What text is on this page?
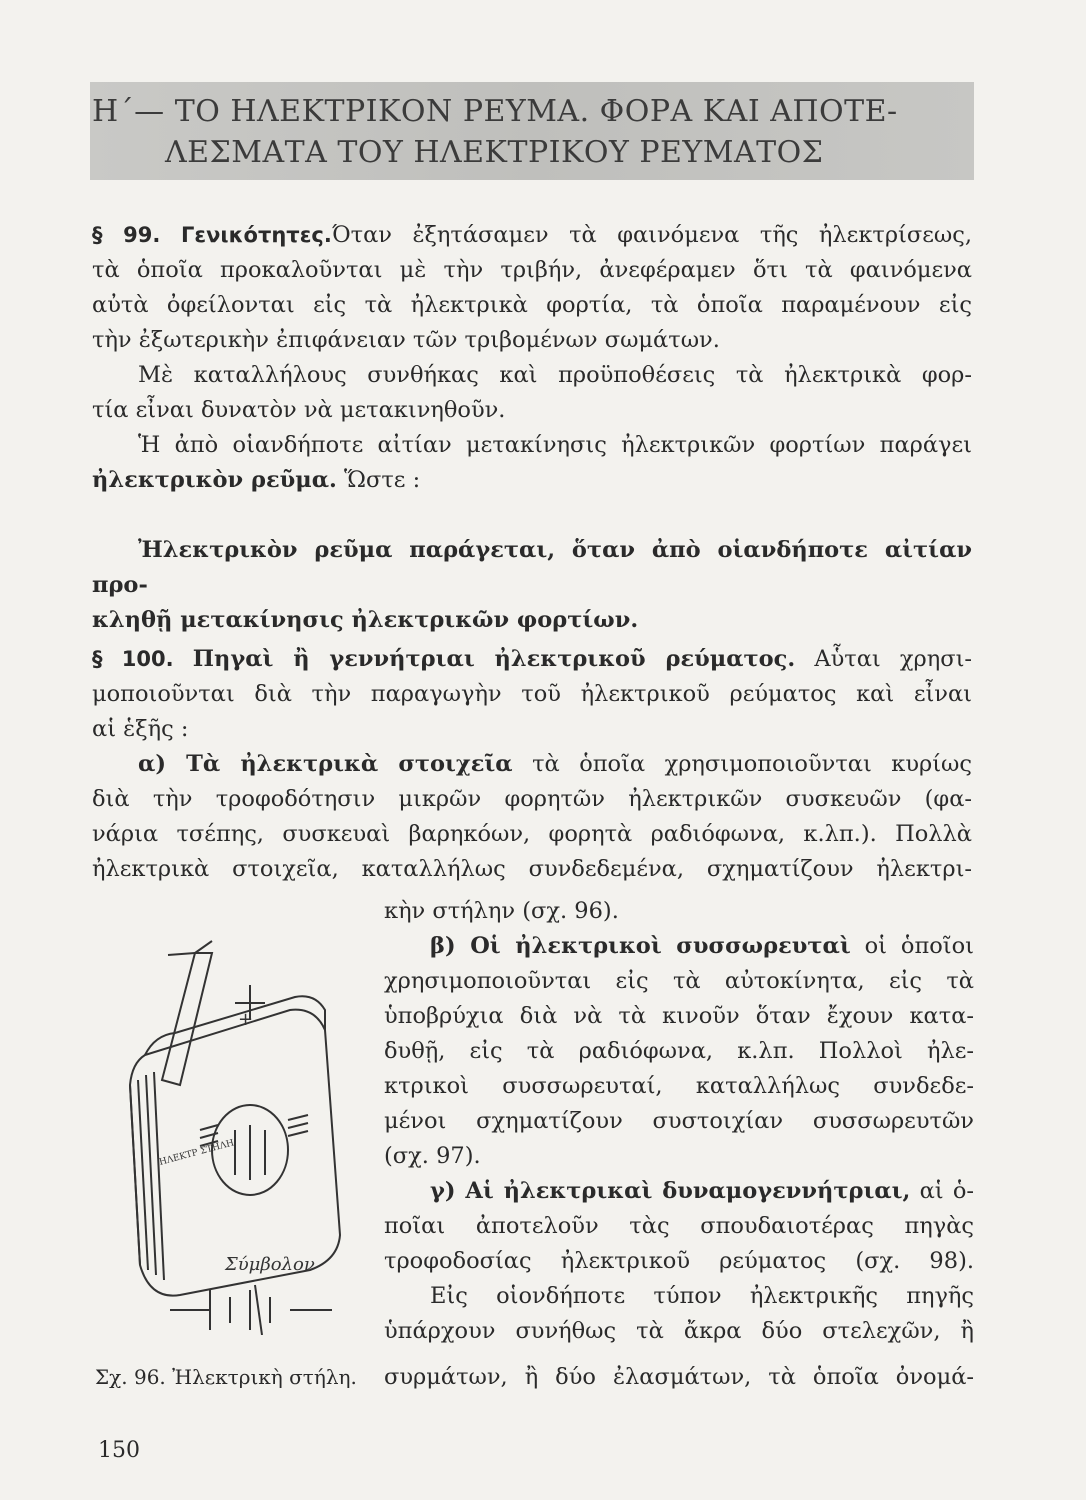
Η΄— ΤΟ ΗΛΕΚΤΡΙΚΟΝ ΡΕΥΜΑ. ΦΟΡΑ ΚΑΙ ΑΠΟΤΕ-
ΛΕΣΜΑΤΑ ΤΟΥ ΗΛΕΚΤΡΙΚΟΥ ΡΕΥΜΑΤΟΣ

§ 99. Γενικότητες.Όταν ἐξητάσαμεν τὰ φαινόμενα τῆς ἠλεκτρίσεως,

τὰ ὁποῖα προκαλοῦνται μὲ τὴν τριβήν, ἀνεφέραμεν ὅτι τὰ φαινόμενα

αὐτὰ ὀφείλονται εἰς τὰ ἠλεκτρικὰ φορτία, τὰ ὁποῖα παραμένουν εἰς

τὴν ἐξωτερικὴν ἐπιφάνειαν τῶν τριβομένων σωμάτων.

Μὲ καταλλήλους συνθήκας καὶ προϋποθέσεις τὰ ἠλεκτρικὰ φορ-

τία εἶναι δυνατὸν νὰ μετακινηθοῦν.

Ἡ ἀπὸ οἱανδήποτε αἰτίαν μετακίνησις ἠλεκτρικῶν φορτίων παράγει

ἠλεκτρικὸν ρεῦμα. Ὥστε :

Ἠλεκτρικὸν ρεῦμα παράγεται, ὅταν ἀπὸ οἱανδήποτε αἰτίαν προ-

κληθῇ μετακίνησις ἠλεκτρικῶν φορτίων.

§ 100. Πηγαὶ ἢ γεννήτριαι ἠλεκτρικοῦ ρεύματος. Αὗται χρησι-

μοποιοῦνται διὰ τὴν παραγωγὴν τοῦ ἠλεκτρικοῦ ρεύματος καὶ εἶναι

αἱ ἑξῆς :

α) Τὰ ἠλεκτρικὰ στοιχεῖα τὰ ὁποῖα χρησιμοποιοῦνται κυρίως

διὰ τὴν τροφοδότησιν μικρῶν φορητῶν ἠλεκτρικῶν συσκευῶν (φα-

νάρια τσέπης, συσκευαὶ βαρηκόων, φορητὰ ραδιόφωνα, κ.λπ.). Πολλὰ

ἠλεκτρικὰ στοιχεῖα, καταλλήλως συνδεδεμένα, σχηματίζουν ἠλεκτρι-

κὴν στήλην (σχ. 96).

β) Οἱ ἠλεκτρικοὶ συσσωρευταὶ οἱ ὁποῖοι

χρησιμοποιοῦνται εἰς τὰ αὐτοκίνητα, εἰς τὰ

ὑποβρύχια διὰ νὰ τὰ κινοῦν ὅταν ἔχουν κατα-

δυθῇ, εἰς τὰ ραδιόφωνα, κ.λπ. Πολλοὶ ἠλε-

κτρικοὶ συσσωρευταί, καταλλήλως συνδεδε-

μένοι σχηματίζουν συστοιχίαν συσσωρευτῶν

(σχ. 97).

γ) Αἱ ἠλεκτρικαὶ δυναμογεννήτριαι, αἱ ὁ-

ποῖαι ἀποτελοῦν τὰς σπουδαιοτέρας πηγὰς

τροφοδοσίας ἠλεκτρικοῦ ρεύματος (σχ. 98).

Εἰς οἱονδήποτε τύπον ἠλεκτρικῆς πηγῆς

ὑπάρχουν συνήθως τὰ ἄκρα δύο στελεχῶν, ἢ

ΗΛΕΚΤΡ ΣΤΗΛΗ
+
Σύμβολον
Σχ. 96. Ἠλεκτρικὴ στήλη. συρμάτων, ἢ δύο ἐλασμάτων, τὰ ὁποῖα ὀνομά-
150
